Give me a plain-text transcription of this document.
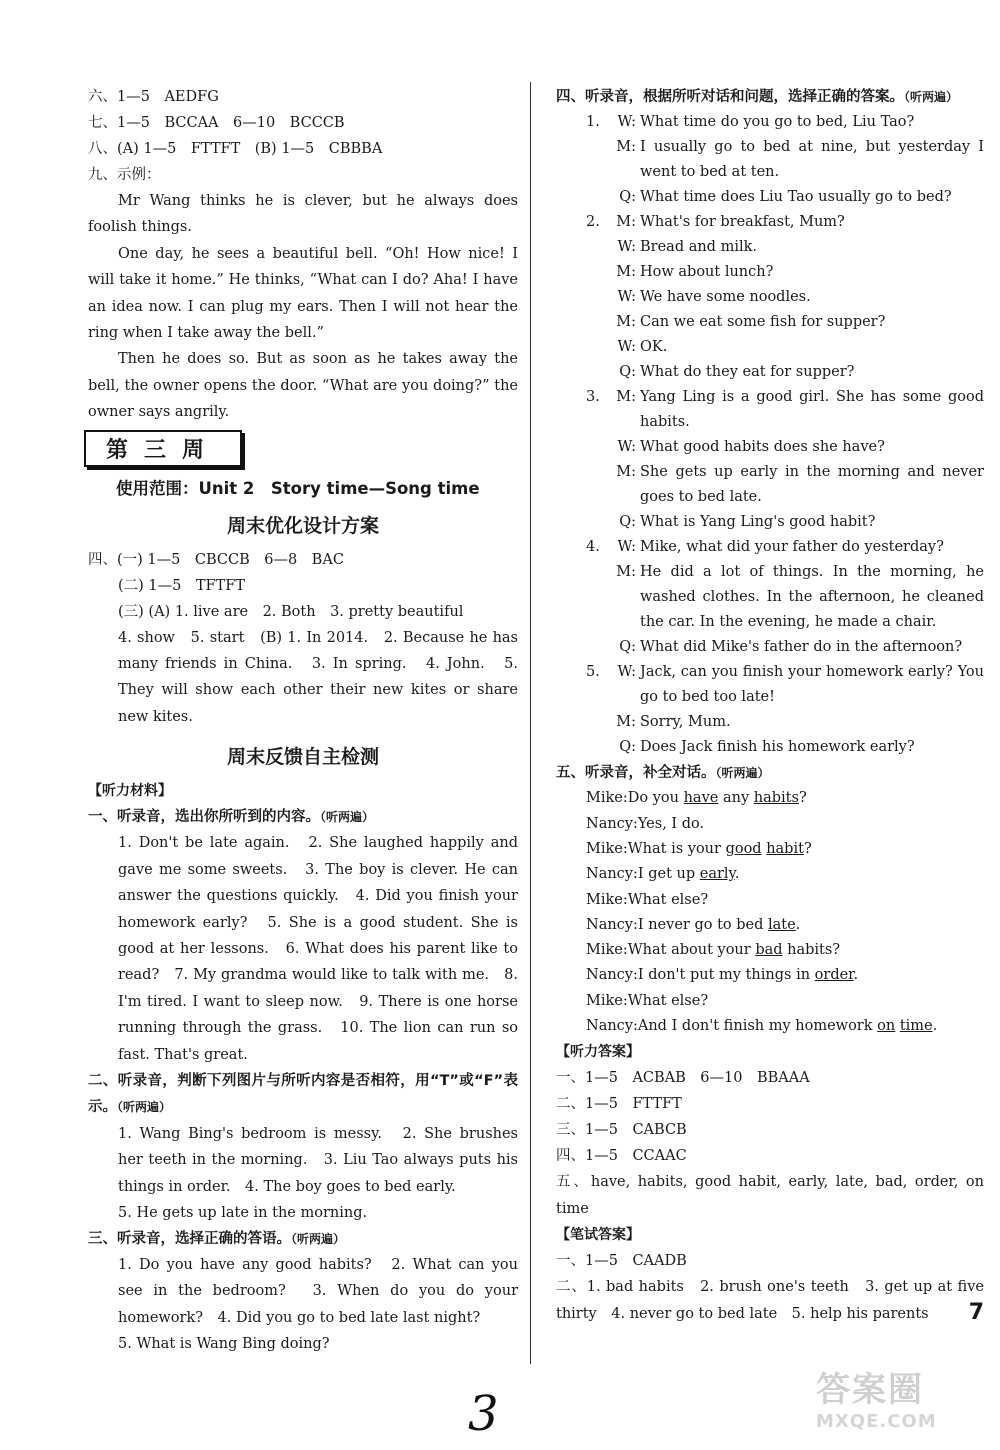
六、1—5　AEDFG
七、1—5　BCCAA　6—10　BCCCB
八、(A) 1—5　FTTFT　(B) 1—5　CBBBA
九、示例：
Mr Wang thinks he is clever, but he always does foolish things.
One day, he sees a beautiful bell. “Oh! How nice! I will take it home.” He thinks, “What can I do? Aha! I have an idea now. I can plug my ears. Then I will not hear the ring when I take away the bell.”
Then he does so. But as soon as he takes away the bell, the owner opens the door. “What are you doing?” the owner says angrily.
第三周
使用范围：Unit 2　Story time—Song time
周末优化设计方案
四、(一) 1—5　CBCCB　6—8　BAC
(二) 1—5　TFTFT
(三) (A) 1. live are　2. Both　3. pretty beautiful
4. show　5. start　(B) 1. In 2014.　2. Because he has many friends in China.　3. In spring.　4. John.　5. They will show each other their new kites or share new kites.
周末反馈自主检测
【听力材料】
一、听录音，选出你所听到的内容。（听两遍）
1. Don't be late again.　2. She laughed happily and gave me some sweets.　3. The boy is clever. He can answer the questions quickly.　4. Did you finish your homework early?　5. She is a good student. She is good at her lessons.　6. What does his parent like to read?　7. My grandma would like to talk with me.　8. I'm tired. I want to sleep now.　9. There is one horse running through the grass.　10. The lion can run so fast. That's great.
二、听录音，判断下列图片与所听内容是否相符，用“T”或“F”表示。（听两遍）
1. Wang Bing's bedroom is messy.　2. She brushes her teeth in the morning.　3. Liu Tao always puts his things in order.　4. The boy goes to bed early.
5. He gets up late in the morning.
三、听录音，选择正确的答语。（听两遍）
1. Do you have any good habits?　2. What can you see in the bedroom?　3. When do you do your homework?　4. Did you go to bed late last night?
5. What is Wang Bing doing?
四、听录音，根据所听对话和问题，选择正确的答案。（听两遍）
1.	W: What time do you go to bed, Liu Tao?
M: I usually go to bed at nine, but yesterday I went to bed at ten.
Q: What time does Liu Tao usually go to bed?
2.	M: What's for breakfast, Mum?
W: Bread and milk.
M: How about lunch?
W: We have some noodles.
M: Can we eat some fish for supper?
W: OK.
Q: What do they eat for supper?
3.	M: Yang Ling is a good girl. She has some good habits.
W: What good habits does she have?
M: She gets up early in the morning and never goes to bed late.
Q: What is Yang Ling's good habit?
4.	W: Mike, what did your father do yesterday?
M: He did a lot of things. In the morning, he washed clothes. In the afternoon, he cleaned the car. In the evening, he made a chair.
Q: What did Mike's father do in the afternoon?
5.	W: Jack, can you finish your homework early? You go to bed too late!
M: Sorry, Mum.
Q: Does Jack finish his homework early?
五、听录音，补全对话。（听两遍）
Mike:Do you have any habits?
Nancy:Yes, I do.
Mike:What is your good habit?
Nancy:I get up early.
Mike:What else?
Nancy:I never go to bed late.
Mike:What about your bad habits?
Nancy:I don't put my things in order.
Mike:What else?
Nancy:And I don't finish my homework on time.
【听力答案】
一、1—5　ACBAB　6—10　BBAAA
二、1—5　FTTFT
三、1—5　CABCB
四、1—5　CCAAC
五、have, habits, good habit, early, late, bad, order, on time
【笔试答案】
一、1—5　CAADB
二、1. bad habits　2. brush one's teeth　3. get up at five thirty　4. never go to bed late　5. help his parents	7
3	答案圈
MXQE.COM
